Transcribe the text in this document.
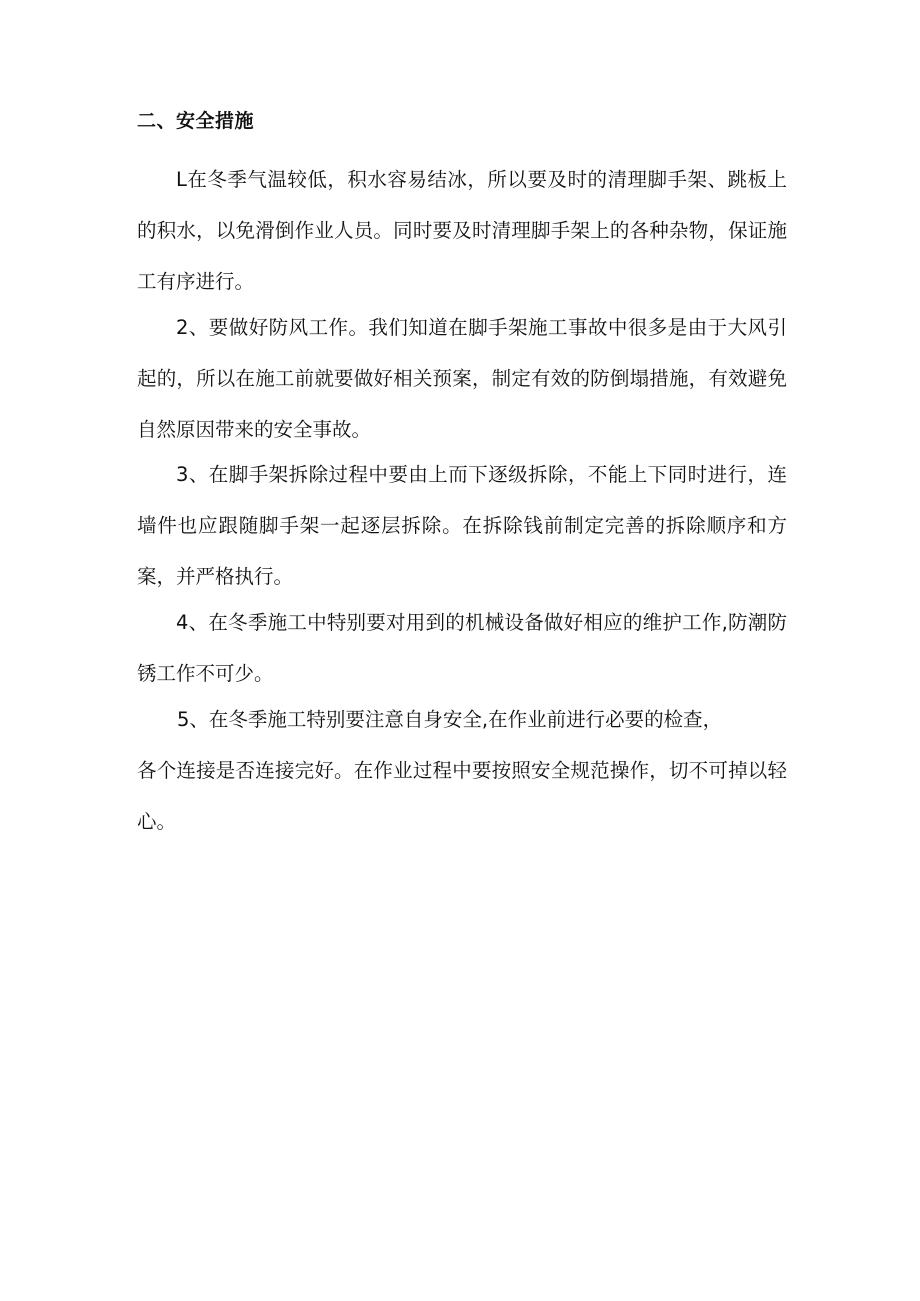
二、安全措施
L在冬季气温较低，积水容易结冰，所以要及时的清理脚手架、跳板上的积水，以免滑倒作业人员。同时要及时清理脚手架上的各种杂物，保证施工有序进行。
2、要做好防风工作。我们知道在脚手架施工事故中很多是由于大风引起的，所以在施工前就要做好相关预案，制定有效的防倒塌措施，有效避免自然原因带来的安全事故。
3、在脚手架拆除过程中要由上而下逐级拆除，不能上下同时进行，连墙件也应跟随脚手架一起逐层拆除。在拆除钱前制定完善的拆除顺序和方案，并严格执行。
4、在冬季施工中特别要对用到的机械设备做好相应的维护工作,防潮防锈工作不可少。
5、在冬季施工特别要注意自身安全,在作业前进行必要的检查，
各个连接是否连接完好。在作业过程中要按照安全规范操作，切不可掉以轻心。
